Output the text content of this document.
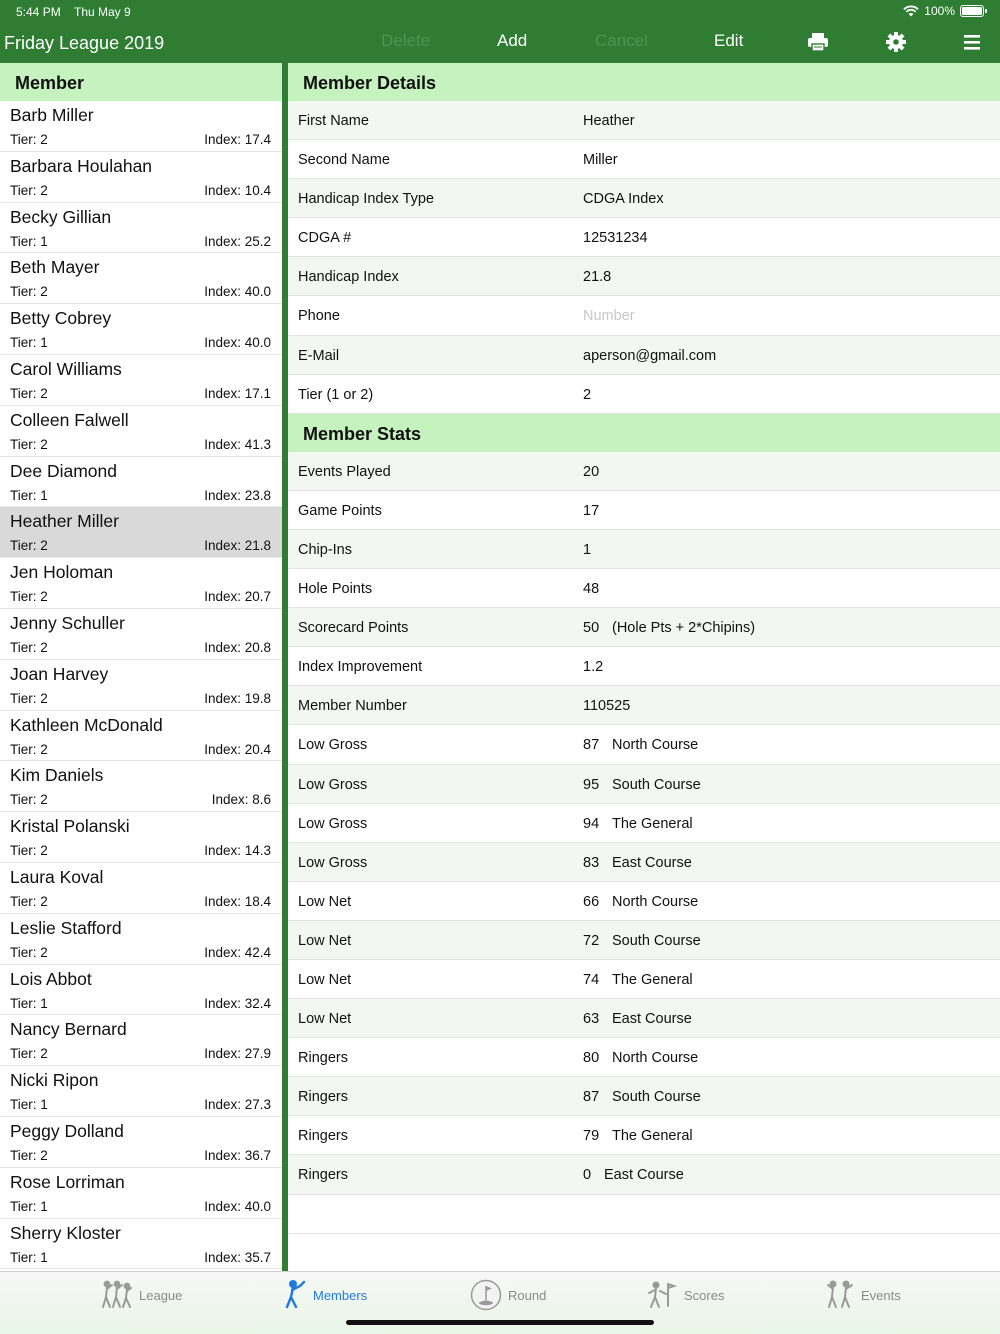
5:44 PM Thu May 9	100%
Friday League 2019	Delete	Add	Cancel	Edit
Member
Barb Miller
Tier: 2	Index: 17.4
Barbara Houlahan
Tier: 2	Index: 10.4
Becky Gillian
Tier: 1	Index: 25.2
Beth Mayer
Tier: 2	Index: 40.0
Betty Cobrey
Tier: 1	Index: 40.0
Carol Williams
Tier: 2	Index: 17.1
Colleen Falwell
Tier: 2	Index: 41.3
Dee Diamond
Tier: 1	Index: 23.8
Heather Miller
Tier: 2	Index: 21.8
Jen Holoman
Tier: 2	Index: 20.7
Jenny Schuller
Tier: 2	Index: 20.8
Joan Harvey
Tier: 2	Index: 19.8
Kathleen McDonald
Tier: 2	Index: 20.4
Kim Daniels
Tier: 2	Index: 8.6
Kristal Polanski
Tier: 2	Index: 14.3
Laura Koval
Tier: 2	Index: 18.4
Leslie Stafford
Tier: 2	Index: 42.4
Lois Abbot
Tier: 1	Index: 32.4
Nancy Bernard
Tier: 2	Index: 27.9
Nicki Ripon
Tier: 1	Index: 27.3
Peggy Dolland
Tier: 2	Index: 36.7
Rose Lorriman
Tier: 1	Index: 40.0
Sherry Kloster
Tier: 1	Index: 35.7
Member Details
First Name	Heather
Second Name	Miller
Handicap Index Type	CDGA Index
CDGA #	12531234
Handicap Index	21.8
Phone	Number
E-Mail	aperson@gmail.com
Tier (1 or 2)	2
Member Stats
Events Played	20
Game Points	17
Chip-Ins	1
Hole Points	48
Scorecard Points	50 (Hole Pts + 2*Chipins)
Index Improvement	1.2
Member Number	110525
Low Gross	87 North Course
Low Gross	95 South Course
Low Gross	94 The General
Low Gross	83 East Course
Low Net	66 North Course
Low Net	72 South Course
Low Net	74 The General
Low Net	63 East Course
Ringers	80 North Course
Ringers	87 South Course
Ringers	79 The General
Ringers	0 East Course
League	Members	Round	Scores	Events
